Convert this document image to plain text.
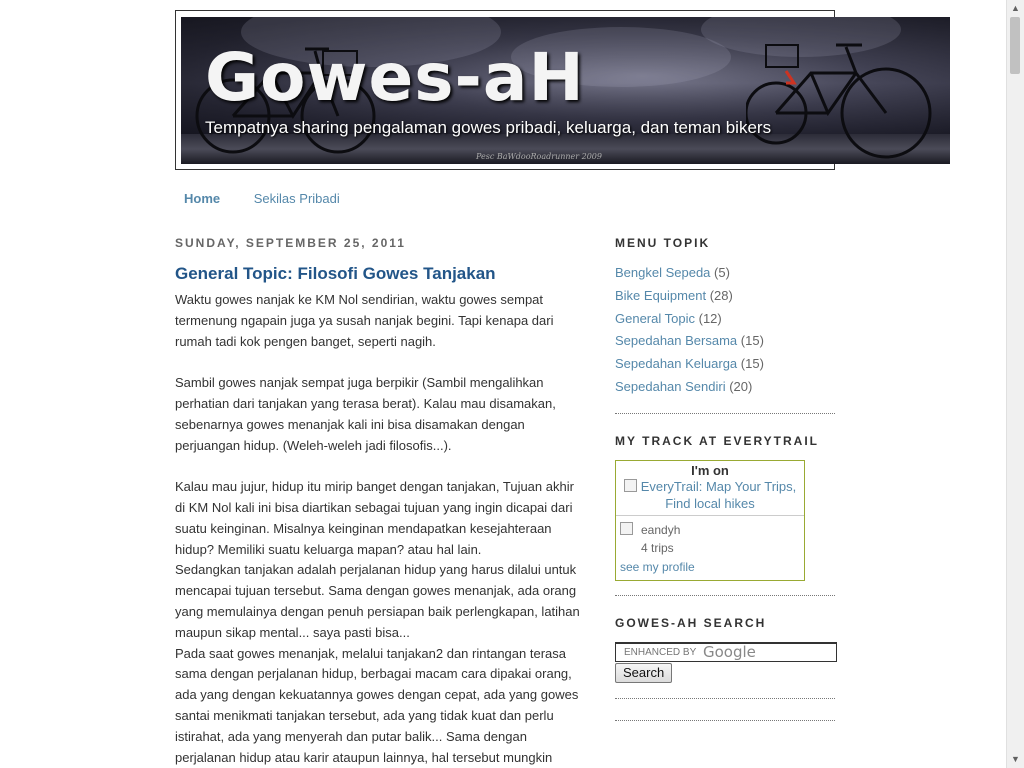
Gowes-aH
Tempatnya sharing pengalaman gowes pribadi, keluarga, dan teman bikers
Pesc BaWdooRoadrunner 2009
Home	Sekilas Pribadi
SUNDAY, SEPTEMBER 25, 2011
General Topic: Filosofi Gowes Tanjakan

Waktu gowes nanjak ke KM Nol sendirian, waktu gowes sempat termenung ngapain juga ya susah nanjak begini. Tapi kenapa dari rumah tadi kok pengen banget, seperti nagih.

Sambil gowes nanjak sempat juga berpikir (Sambil mengalihkan perhatian dari tanjakan yang terasa berat). Kalau mau disamakan, sebenarnya gowes menanjak kali ini bisa disamakan dengan perjuangan hidup. (Weleh-weleh jadi filosofis...).

Kalau mau jujur, hidup itu mirip banget dengan tanjakan, Tujuan akhir di KM Nol kali ini bisa diartikan sebagai tujuan yang ingin dicapai dari suatu keinginan. Misalnya keinginan mendapatkan kesejahteraan hidup? Memiliki suatu keluarga mapan? atau hal lain.

Sedangkan tanjakan adalah perjalanan hidup yang harus dilalui untuk mencapai tujuan tersebut. Sama dengan gowes menanjak, ada orang yang memulainya dengan penuh persiapan baik perlengkapan, latihan maupun sikap mental... saya pasti bisa...

Pada saat gowes menanjak, melalui tanjakan2 dan rintangan terasa sama dengan perjalanan hidup, berbagai macam cara dipakai orang, ada yang dengan kekuatannya gowes dengan cepat, ada yang gowes santai menikmati tanjakan tersebut, ada yang tidak kuat dan perlu istirahat, ada yang menyerah dan putar balik... Sama dengan perjalanan hidup atau karir ataupun lainnya, hal tersebut mungkin

MENU TOPIK
Bengkel Sepeda (5)
Bike Equipment (28)
General Topic (12)
Sepedahan Bersama (15)
Sepedahan Keluarga (15)
Sepedahan Sendiri (20)
MY TRACK AT EVERYTRAIL
I'm on
EveryTrail: Map Your Trips, Find local hikes
eandyh
4 trips
see my profile
GOWES-AH SEARCH
ENHANCED BY
Google
Search
▲
▼
